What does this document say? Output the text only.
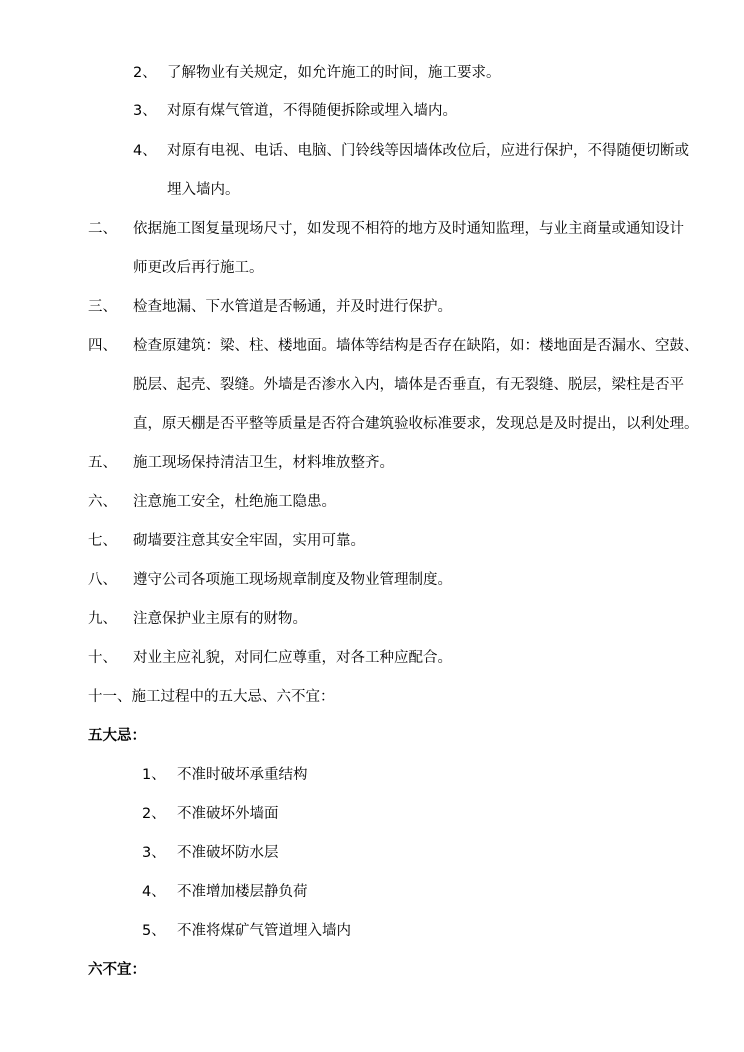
2、 了解物业有关规定，如允许施工的时间，施工要求。
3、 对原有煤气管道，不得随便拆除或埋入墙内。
4、 对原有电视、电话、电脑、门铃线等因墙体改位后，应进行保护，不得随便切断或
埋入墙内。
二、 依据施工图复量现场尺寸，如发现不相符的地方及时通知监理，与业主商量或通知设计
师更改后再行施工。
三、 检查地漏、下水管道是否畅通，并及时进行保护。
四、 检查原建筑：梁、柱、楼地面。墙体等结构是否存在缺陷，如：楼地面是否漏水、空鼓、
脱层、起壳、裂缝。外墙是否渗水入内，墙体是否垂直，有无裂缝、脱层，梁柱是否平
直，原天棚是否平整等质量是否符合建筑验收标准要求，发现总是及时提出，以利处理。
五、 施工现场保持清洁卫生，材料堆放整齐。
六、 注意施工安全，杜绝施工隐患。
七、 砌墙要注意其安全牢固，实用可靠。
八、 遵守公司各项施工现场规章制度及物业管理制度。
九、 注意保护业主原有的财物。
十、 对业主应礼貌，对同仁应尊重，对各工种应配合。
十一、施工过程中的五大忌、六不宜：
五大忌：
1、 不准时破坏承重结构
2、 不准破坏外墙面
3、 不准破坏防水层
4、 不准增加楼层静负荷
5、 不准将煤矿气管道埋入墙内
六不宜：
